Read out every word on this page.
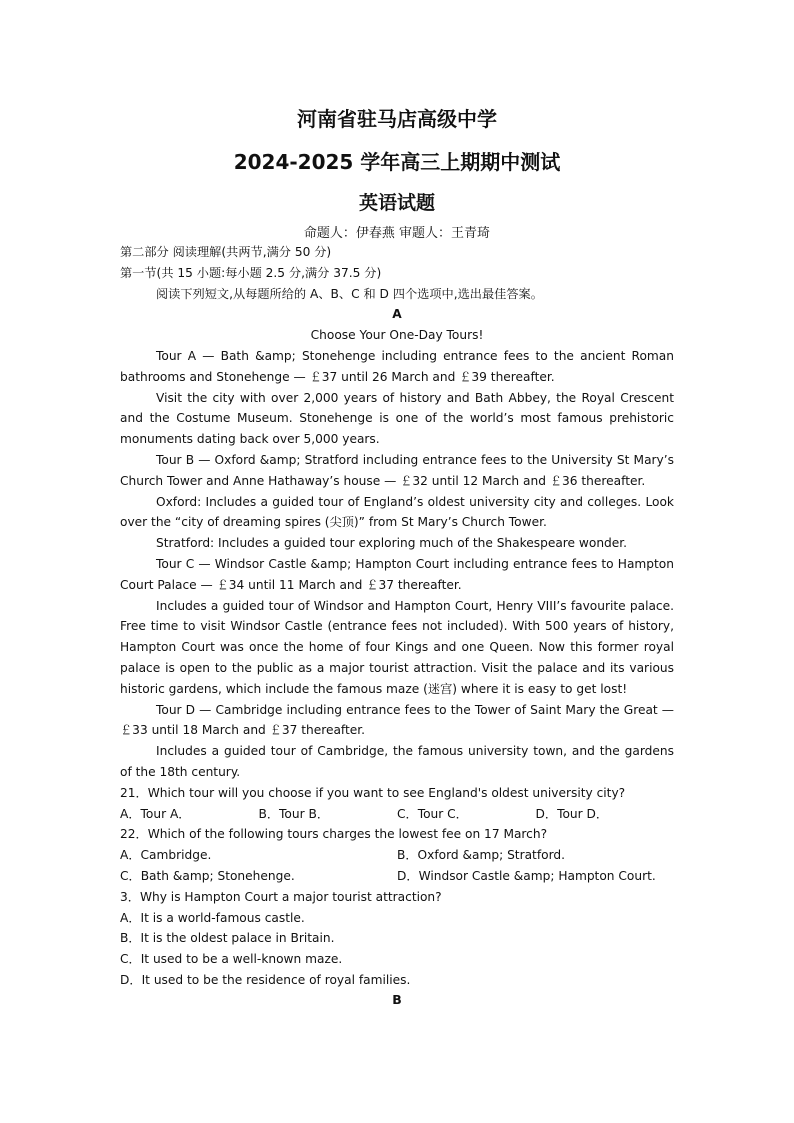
河南省驻马店高级中学
2024-2025 学年高三上期期中测试
英语试题
命题人：伊春燕 审题人：王青琦
第二部分 阅读理解(共两节,满分 50 分)
第一节(共 15 小题:每小题 2.5 分,满分 37.5 分)
阅读下列短文,从每题所给的 A、B、C 和 D 四个选项中,选出最佳答案。
A
Choose Your One-Day Tours!

Tour A — Bath &amp; Stonehenge including entrance fees to the ancient Roman bathrooms and Stonehenge — ￡37 until 26 March and ￡39 thereafter.

Visit the city with over 2,000 years of history and Bath Abbey, the Royal Crescent and the Costume Museum. Stonehenge is one of the world’s most famous prehistoric monuments dating back over 5,000 years.

Tour B — Oxford &amp; Stratford including entrance fees to the University St Mary’s Church Tower and Anne Hathaway’s house — ￡32 until 12 March and ￡36 thereafter.

Oxford: Includes a guided tour of England’s oldest university city and colleges. Look over the “city of dreaming spires (尖顶)” from St Mary’s Church Tower.

Stratford: Includes a guided tour exploring much of the Shakespeare wonder.

Tour C — Windsor Castle &amp; Hampton Court including entrance fees to Hampton Court Palace — ￡34 until 11 March and ￡37 thereafter.

Includes a guided tour of Windsor and Hampton Court, Henry VIII’s favourite palace. Free time to visit Windsor Castle (entrance fees not included). With 500 years of history, Hampton Court was once the home of four Kings and one Queen. Now this former royal palace is open to the public as a major tourist attraction. Visit the palace and its various historic gardens, which include the famous maze (迷宫) where it is easy to get lost!

Tour D — Cambridge including entrance fees to the Tower of Saint Mary the Great — ￡33 until 18 March and ￡37 thereafter.

Includes a guided tour of Cambridge, the famous university town, and the gardens of the 18th century.

21．Which tour will you choose if you want to see England's oldest university city?

A．Tour A．	B．Tour B．	C．Tour C．	D．Tour D．

22．Which of the following tours charges the lowest fee on 17 March?

A．Cambridge.	B．Oxford &amp; Stratford.
C．Bath &amp; Stonehenge.	D．Windsor Castle &amp; Hampton Court.

3．Why is Hampton Court a major tourist attraction?

A．It is a world-famous castle.

B．It is the oldest palace in Britain.

C．It used to be a well-known maze.

D．It used to be the residence of royal families.

B
